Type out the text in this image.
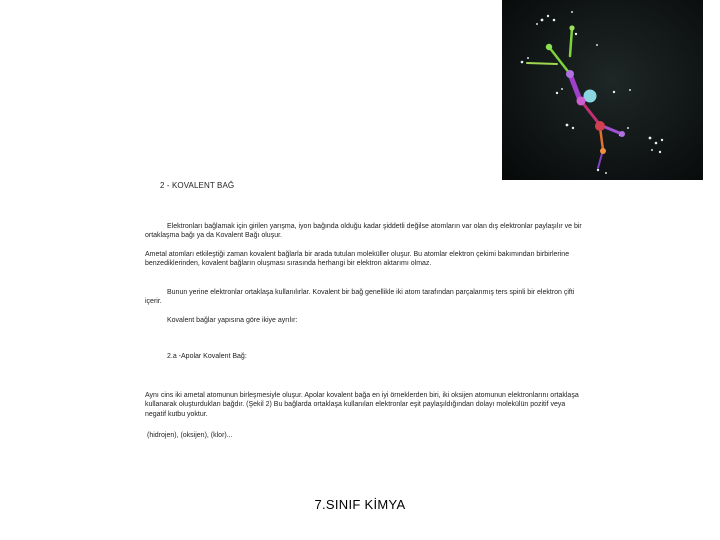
2 - KOVALENT BAĞ
Elektronları bağlamak için girilen yarışma, iyon bağında olduğu kadar şiddetli değilse atomların var olan dış elektronlar paylaşılır ve bir ortaklaşma bağı ya da Kovalent Bağı oluşur.
Ametal atomları etkileştiği zaman kovalent bağlarla bir arada tutulan moleküller oluşur. Bu atomlar elektron çekimi bakımından birbirlerine benzediklerinden, kovalent bağların oluşması sırasında herhangi bir elektron aktarımı olmaz.
Bunun yerine elektronlar ortaklaşa kullanılırlar. Kovalent bir bağ genellikle iki atom tarafından parçalanmış ters spinli bir elektron çifti içerir.
Kovalent bağlar yapısına göre ikiye ayrılır:
2.a -Apolar Kovalent Bağ:
Aynı cins iki ametal atomunun birleşmesiyle oluşur. Apolar kovalent bağa en iyi örneklerden biri, iki oksijen atomunun elektronlarını ortaklaşa kullanarak oluşturdukları bağdır. (Şekil 2) Bu bağlarda ortaklaşa kullanılan elektronlar eşit paylaşıldığından dolayı molekülün pozitif veya negatif kutbu yoktur.
(hidrojen), (oksijen), (klor)...
7.SINIF KİMYA
